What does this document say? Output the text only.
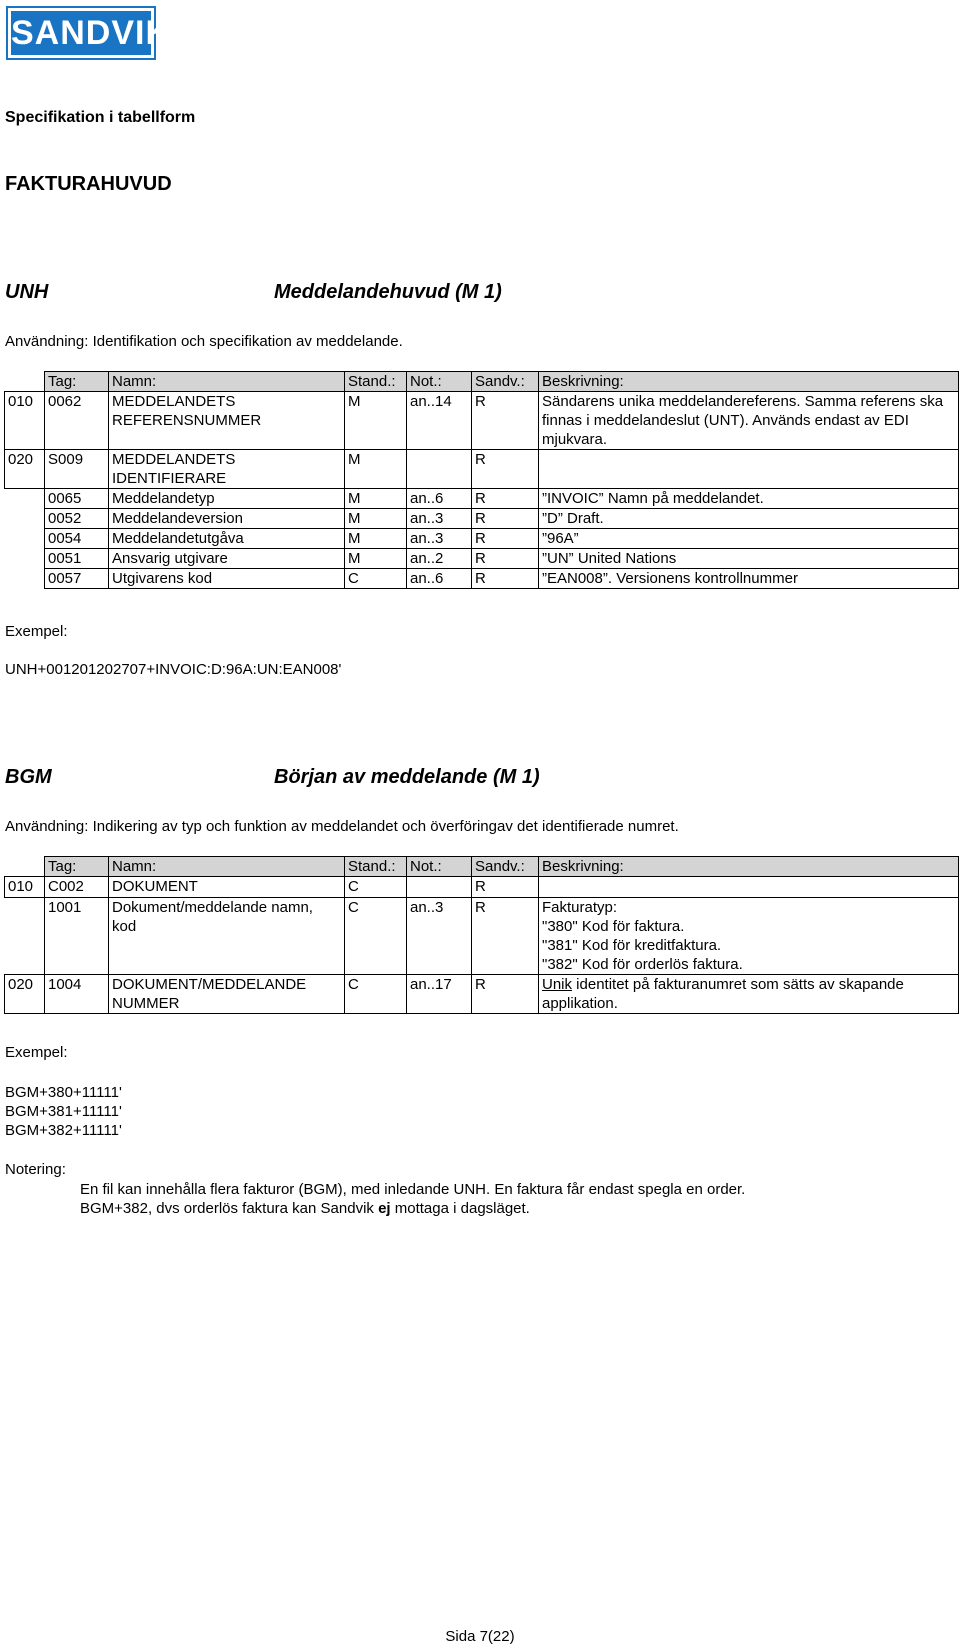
SANDVIK
Specifikation i tabellform
FAKTURAHUVUD
UNH	Meddelandehuvud (M 1)
Användning: Identifikation och specifikation av meddelande.
	Tag:	Namn:	Stand.:	Not.:	Sandv.:	Beskrivning:
010	0062	MEDDELANDETS REFERENSNUMMER	M	an..14	R	Sändarens unika meddelandereferens. Samma referens ska finnas i meddelandeslut (UNT). Används endast av EDI mjukvara.
020	S009	MEDDELANDETS IDENTIFIERARE	M		R	
	0065	Meddelandetyp	M	an..6	R	”INVOIC” Namn på meddelandet.
	0052	Meddelandeversion	M	an..3	R	”D” Draft.
	0054	Meddelandetutgåva	M	an..3	R	”96A”
	0051	Ansvarig utgivare	M	an..2	R	”UN” United Nations
	0057	Utgivarens kod	C	an..6	R	”EAN008”. Versionens kontrollnummer
Exempel:
UNH+001201202707+INVOIC:D:96A:UN:EAN008'
BGM	Början av meddelande (M 1)
Användning: Indikering av typ och funktion av meddelandet och överföringav det identifierade numret.
	Tag:	Namn:	Stand.:	Not.:	Sandv.:	Beskrivning:
010	C002	DOKUMENT	C		R	
	1001	Dokument/meddelande namn, kod	C	an..3	R	Fakturatyp:
"380" Kod för faktura.
"381" Kod för kreditfaktura.
"382" Kod för orderlös faktura.

020	1004	DOKUMENT/MEDDELANDE NUMMER	C	an..17	R	Unik identitet på fakturanumret som sätts av skapande applikation.
Exempel:
BGM+380+11111'
BGM+381+11111'
BGM+382+11111'
Notering:
En fil kan innehålla flera fakturor (BGM), med inledande UNH. En faktura får endast spegla en order.
BGM+382, dvs orderlös faktura kan Sandvik ej mottaga i dagsläget.
Sida 7(22)
